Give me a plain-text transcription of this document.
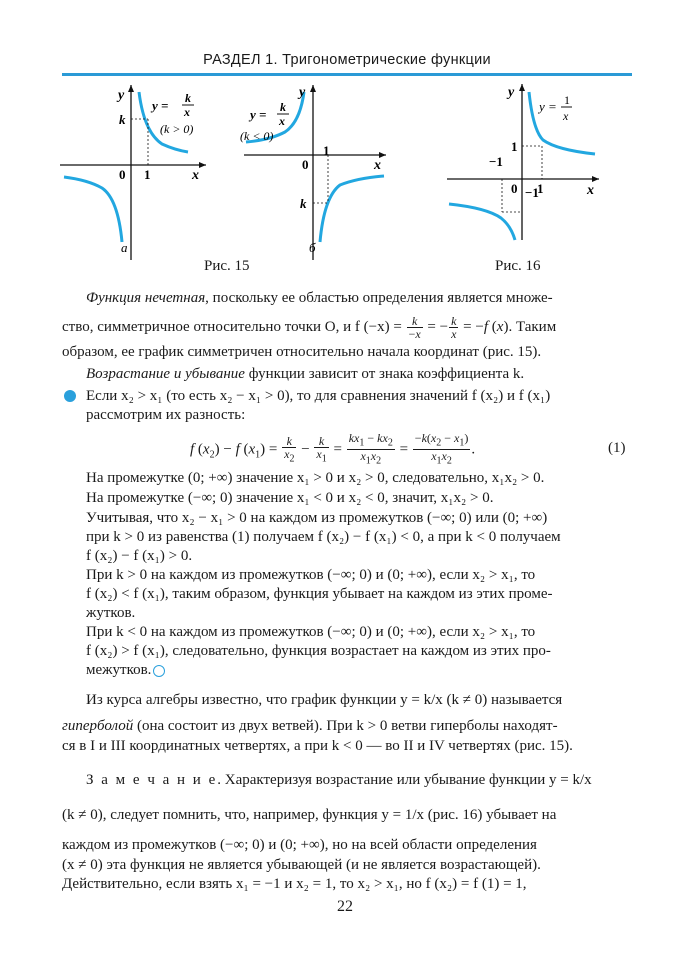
РАЗДЕЛ 1. Тригонометрические функции
y
k
0 1	x
y = k
x
(k > 0)
а
y
y = k
x
(k < 0)
1
0	x
k
б
y
y = 1
x
1
−1
0 1
−1	x
Рис. 15	Рис. 16
Функция нечетная, поскольку ее областью определения является множе-
ство, симметричное относительно точки O, и f $(-x) = \frac{k}{-x}$ = − $\frac{k}{x} = -f$ (x). Таким
образом, ее график симметричен относительно начала координат (рис. 15).
Возрастание и убывание функции зависит от знака коэффициента k.
Если x₂ > x₁ (то есть x₂ − x₁ > 0), то для сравнения значений f (x₂) и f (x₁)
рассмотрим их разность:
f $(x_2) - f$ $(x_1) = \frac{k}{x_2} - \frac{k}{x_1} = \frac{kx_1 - kx_2}{x_1x_2} = \frac{-k(x_2 - x_1)}{x_1x_2}$ .	(1)
На промежутке (0; +∞) значение x₁ > 0 и x₂ > 0, следовательно, x₁x₂ > 0.
На промежутке (−∞; 0) значение x₁ < 0 и x₂ < 0, значит, x₁x₂ > 0.
Учитывая, что x₂ − x₁ > 0 на каждом из промежутков (−∞; 0) или (0; +∞)
при k > 0 из равенства (1) получаем f (x₂) − f (x₁) < 0, а при k < 0 получаем
f (x₂) − f (x₁) > 0.
При k > 0 на каждом из промежутков (−∞; 0) и (0; +∞), если x₂ > x₁, то
f (x₂) < f (x₁), таким образом, функция убывает на каждом из этих проме-
жутков.
При k < 0 на каждом из промежутков (−∞; 0) и (0; +∞), если x₂ > x₁, то
f (x₂) > f (x₁), следовательно, функция возрастает на каждом из этих про-
межутков.
Из курса алгебры известно, что график функции y = k/x (k ≠ 0) называется
гиперболой (она состоит из двух ветвей). При k > 0 ветви гиперболы находят-
ся в I и III координатных четвертях, а при k < 0 — во II и IV четвертях (рис. 15).
З а м е ч а н и е. Характеризуя возрастание или убывание функции y = k/x
(k ≠ 0), следует помнить, что, например, функция y = 1/x (рис. 16) убывает на
каждом из промежутков (−∞; 0) и (0; +∞), но на всей области определения
(x ≠ 0) эта функция не является убывающей (и не является возрастающей).
Действительно, если взять x₁ = −1 и x₂ = 1, то x₂ > x₁, но f (x₂) = f (1) = 1,
22
